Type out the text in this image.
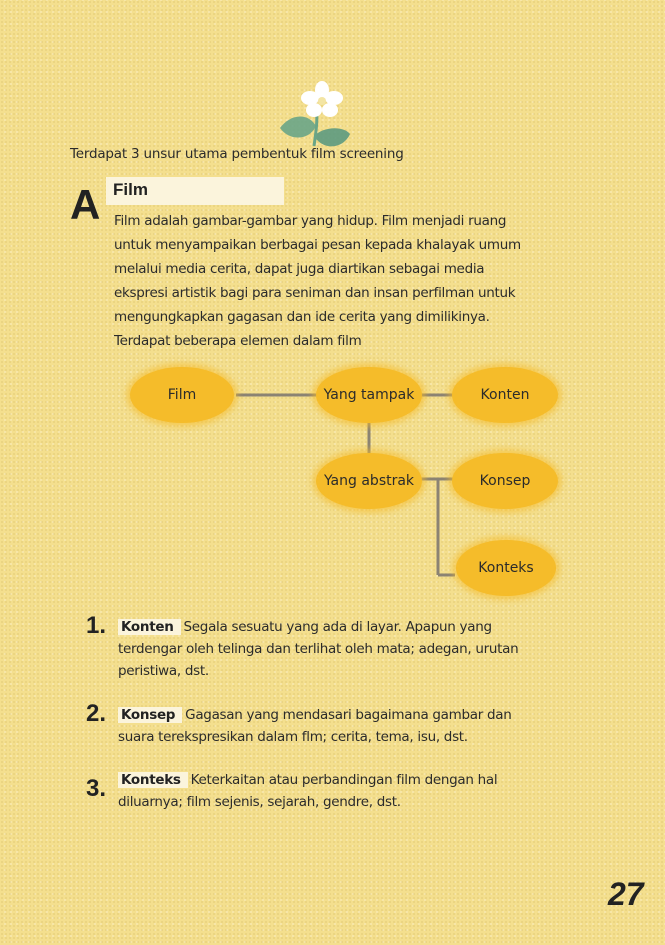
Terdapat 3 unsur utama pembentuk film screening
A Film
Film adalah gambar-gambar yang hidup. Film menjadi ruang
untuk menyampaikan berbagai pesan kepada khalayak umum
melalui media cerita, dapat juga diartikan sebagai media
ekspresi artistik bagi para seniman dan insan perfilman untuk
mengungkapkan gagasan dan ide cerita yang dimilikinya.
Terdapat beberapa elemen dalam film
Film	Yang tampak	Konten
Yang abstrak	Konsep
Konteks
1. Konten Segala sesuatu yang ada di layar. Apapun yang
terdengar oleh telinga dan terlihat oleh mata; adegan, urutan
peristiwa, dst.
2. Konsep Gagasan yang mendasari bagaimana gambar dan
suara terekspresikan dalam flm; cerita, tema, isu, dst.
3. Konteks Keterkaitan atau perbandingan film dengan hal
diluarnya; film sejenis, sejarah, gendre, dst.
27
